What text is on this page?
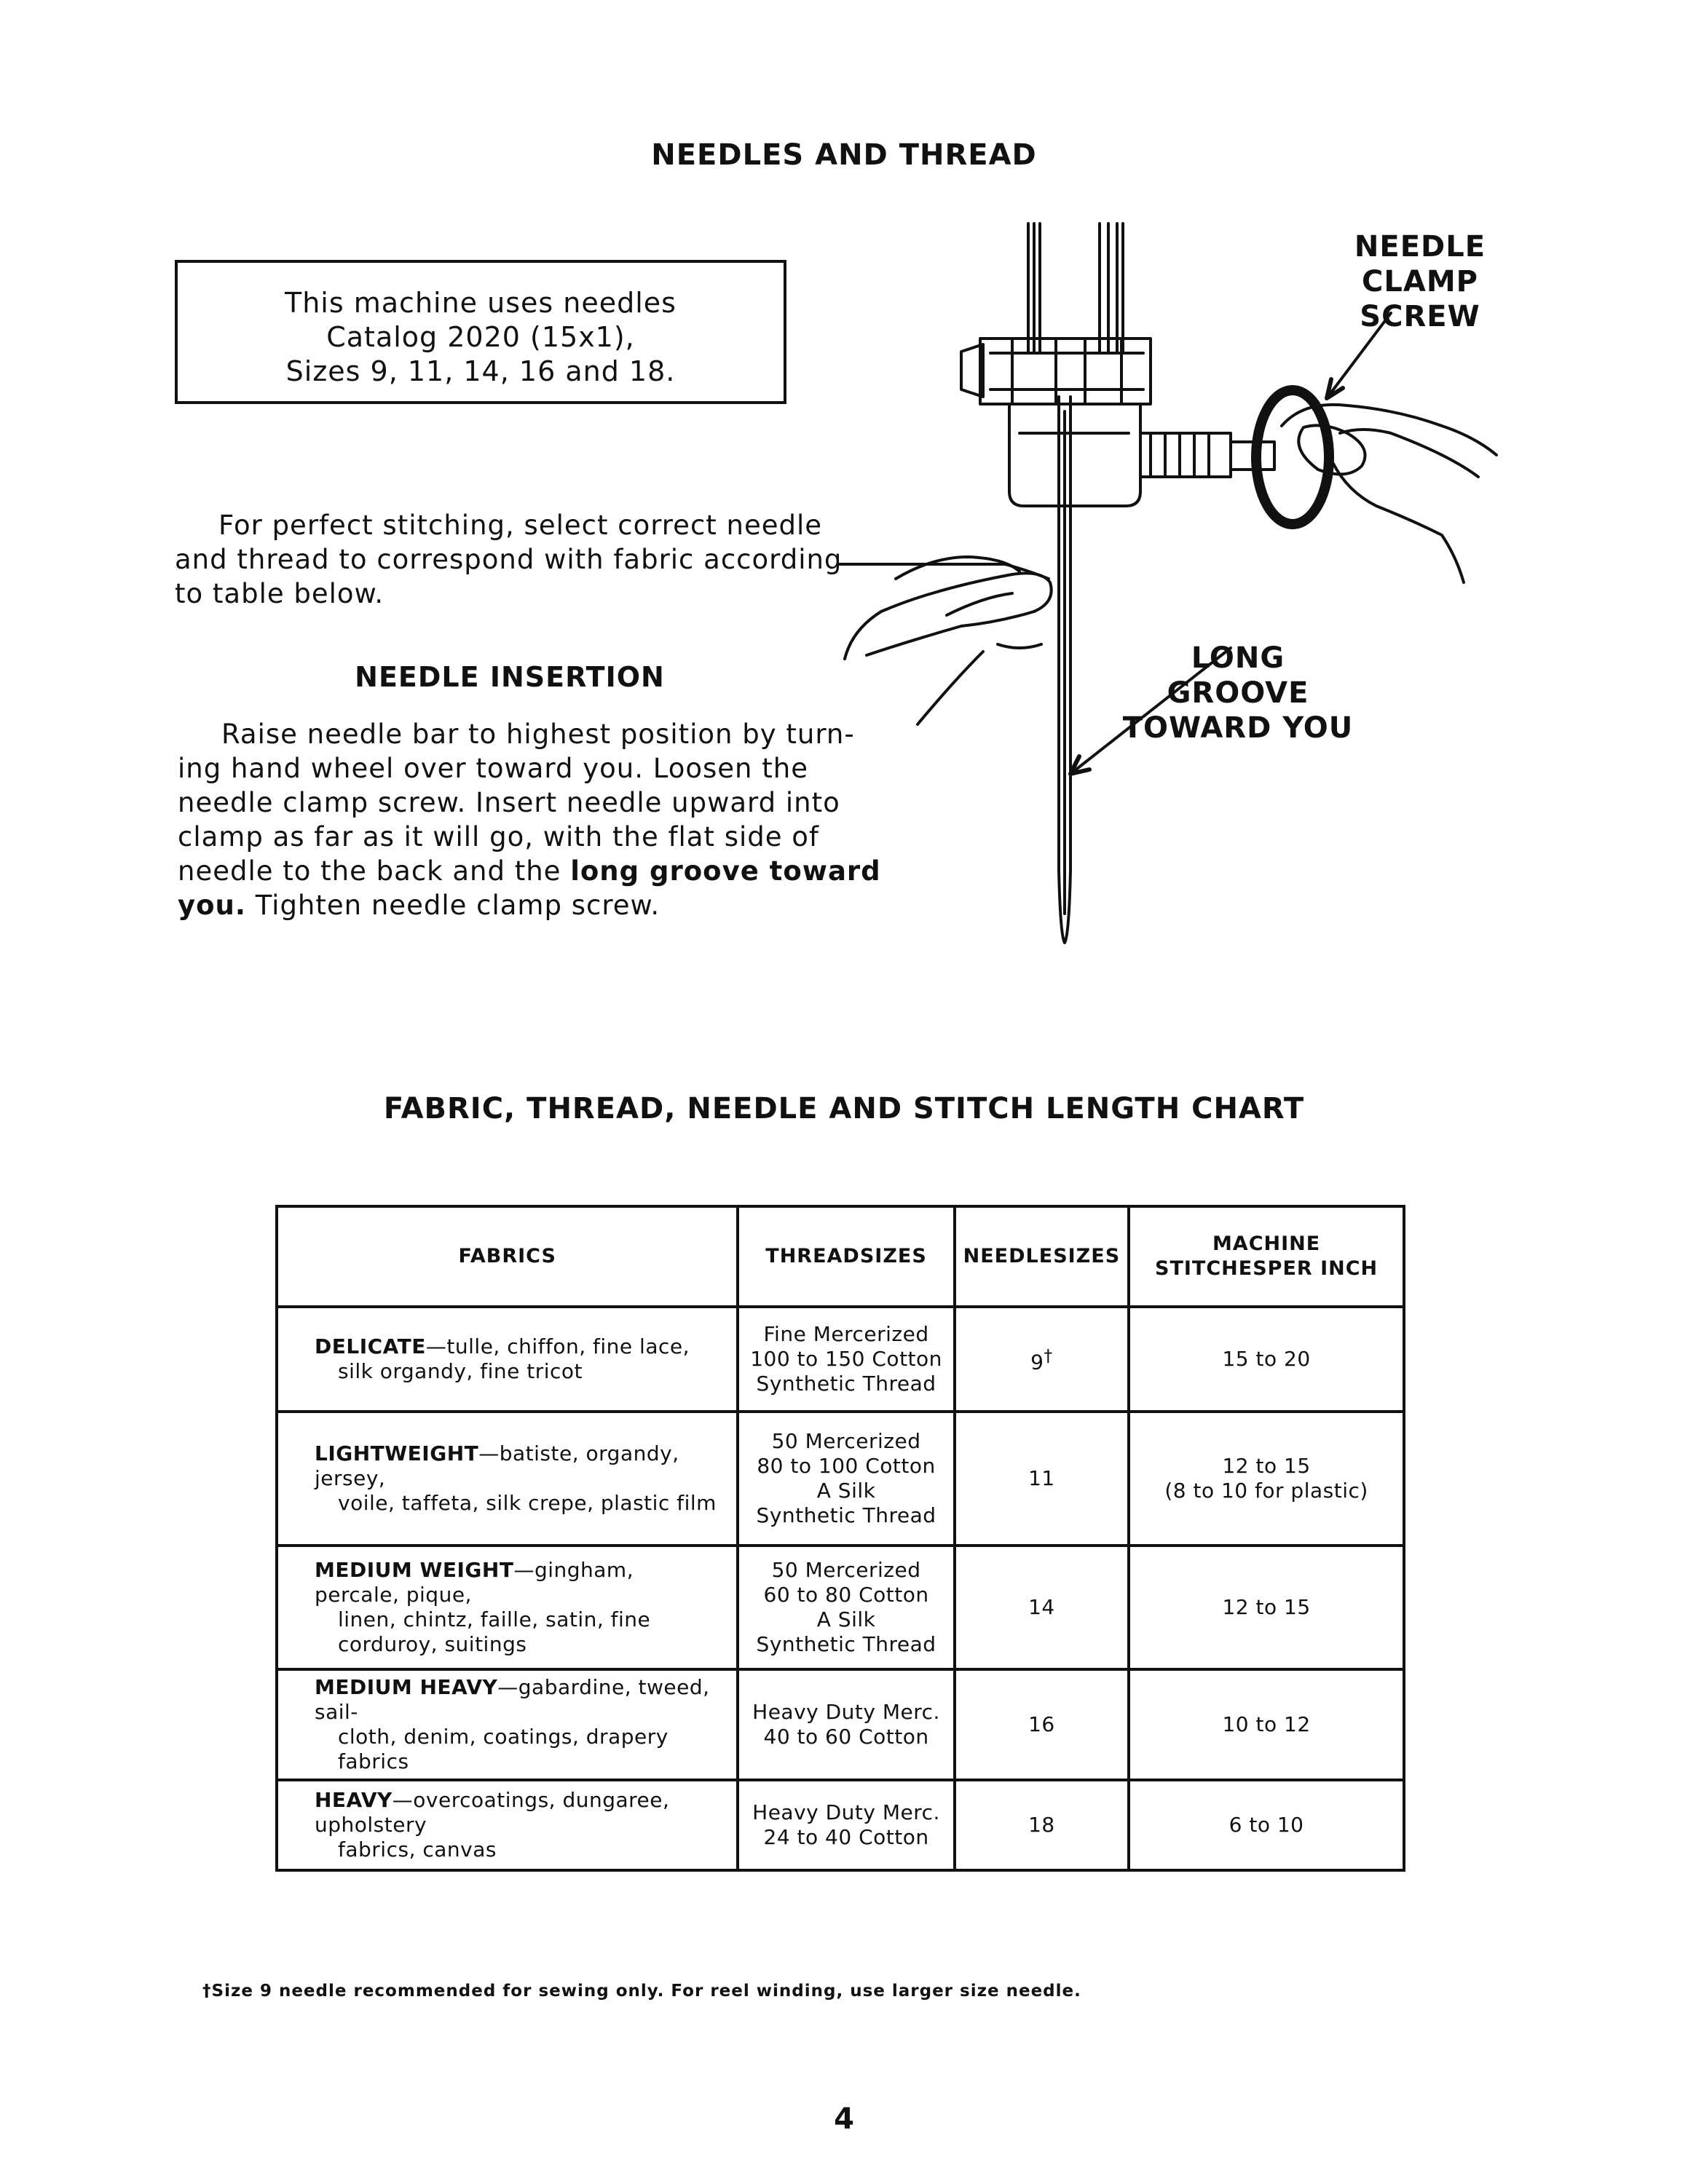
NEEDLES AND THREAD
This machine uses needles
Catalog 2020 (15x1),
Sizes 9, 11, 14, 16 and 18.
For perfect stitching, select correct needle
and thread to correspond with fabric according
to table below.
NEEDLE INSERTION
Raise needle bar to highest position by turn-
ing hand wheel over toward you. Loosen the
needle clamp screw. Insert needle upward into
clamp as far as it will go, with the flat side of
needle to the back and the long groove toward
you. Tighten needle clamp screw.
NEEDLE
CLAMP
SCREW
LONG GROOVE
TOWARD YOU
FABRIC, THREAD, NEEDLE AND STITCH LENGTH CHART
FABRICS	THREADSIZES	NEEDLESIZES	MACHINE STITCHESPER INCH
DELICATE—tulle, chiffon, fine lace,
silk organdy, fine tricot	Fine Mercerized
100 to 150 Cotton
Synthetic Thread	9†	15 to 20

LIGHTWEIGHT—batiste, organdy, jersey,
voile, taffeta, silk crepe, plastic film	50 Mercerized
80 to 100 Cotton
A Silk
Synthetic Thread	11	12 to 15
(8 to 10 for plastic)

MEDIUM WEIGHT—gingham, percale, pique,
linen, chintz, faille, satin, fine corduroy, suitings	50 Mercerized
60 to 80 Cotton
A Silk
Synthetic Thread	14	12 to 15

MEDIUM HEAVY—gabardine, tweed, sail-
cloth, denim, coatings, drapery fabrics	Heavy Duty Merc.
40 to 60 Cotton	16	10 to 12

HEAVY—overcoatings, dungaree, upholstery
fabrics, canvas	Heavy Duty Merc.
24 to 40 Cotton	18	6 to 10
†Size 9 needle recommended for sewing only. For reel winding, use larger size needle.
4
